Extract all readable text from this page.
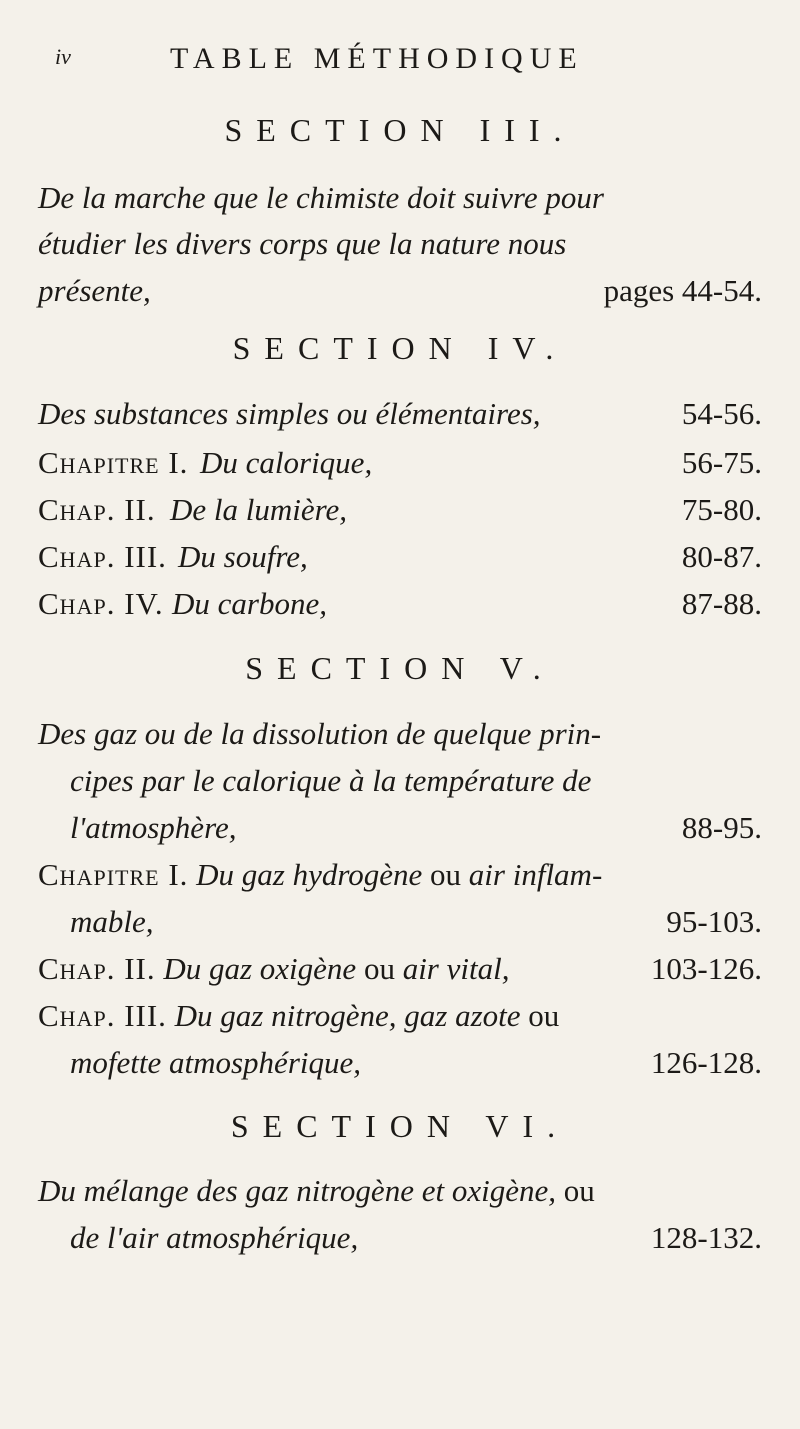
iv	TABLE MÉTHODIQUE
SECTION III.
De la marche que le chimiste doit suivre pour
étudier les divers corps que la nature nous
présente,	pages 44-54.
SECTION IV.
Des substances simples ou élémentaires,	54-56.
Chapitre I. Du calorique,	56-75.
Chap. II. De la lumière,	75-80.
Chap. III. Du soufre,	80-87.
Chap. IV. Du carbone,	87-88.
SECTION V.
Des gaz ou de la dissolution de quelque prin-
cipes par le calorique à la température de
l'atmosphère,	88-95.
Chapitre I. Du gaz hydrogène ou air inflam-
mable,	95-103.
Chap. II. Du gaz oxigène ou air vital,	103-126.
Chap. III. Du gaz nitrogène, gaz azote ou
mofette atmosphérique,	126-128.
SECTION VI.
Du mélange des gaz nitrogène et oxigène, ou
de l'air atmosphérique,	128-132.
